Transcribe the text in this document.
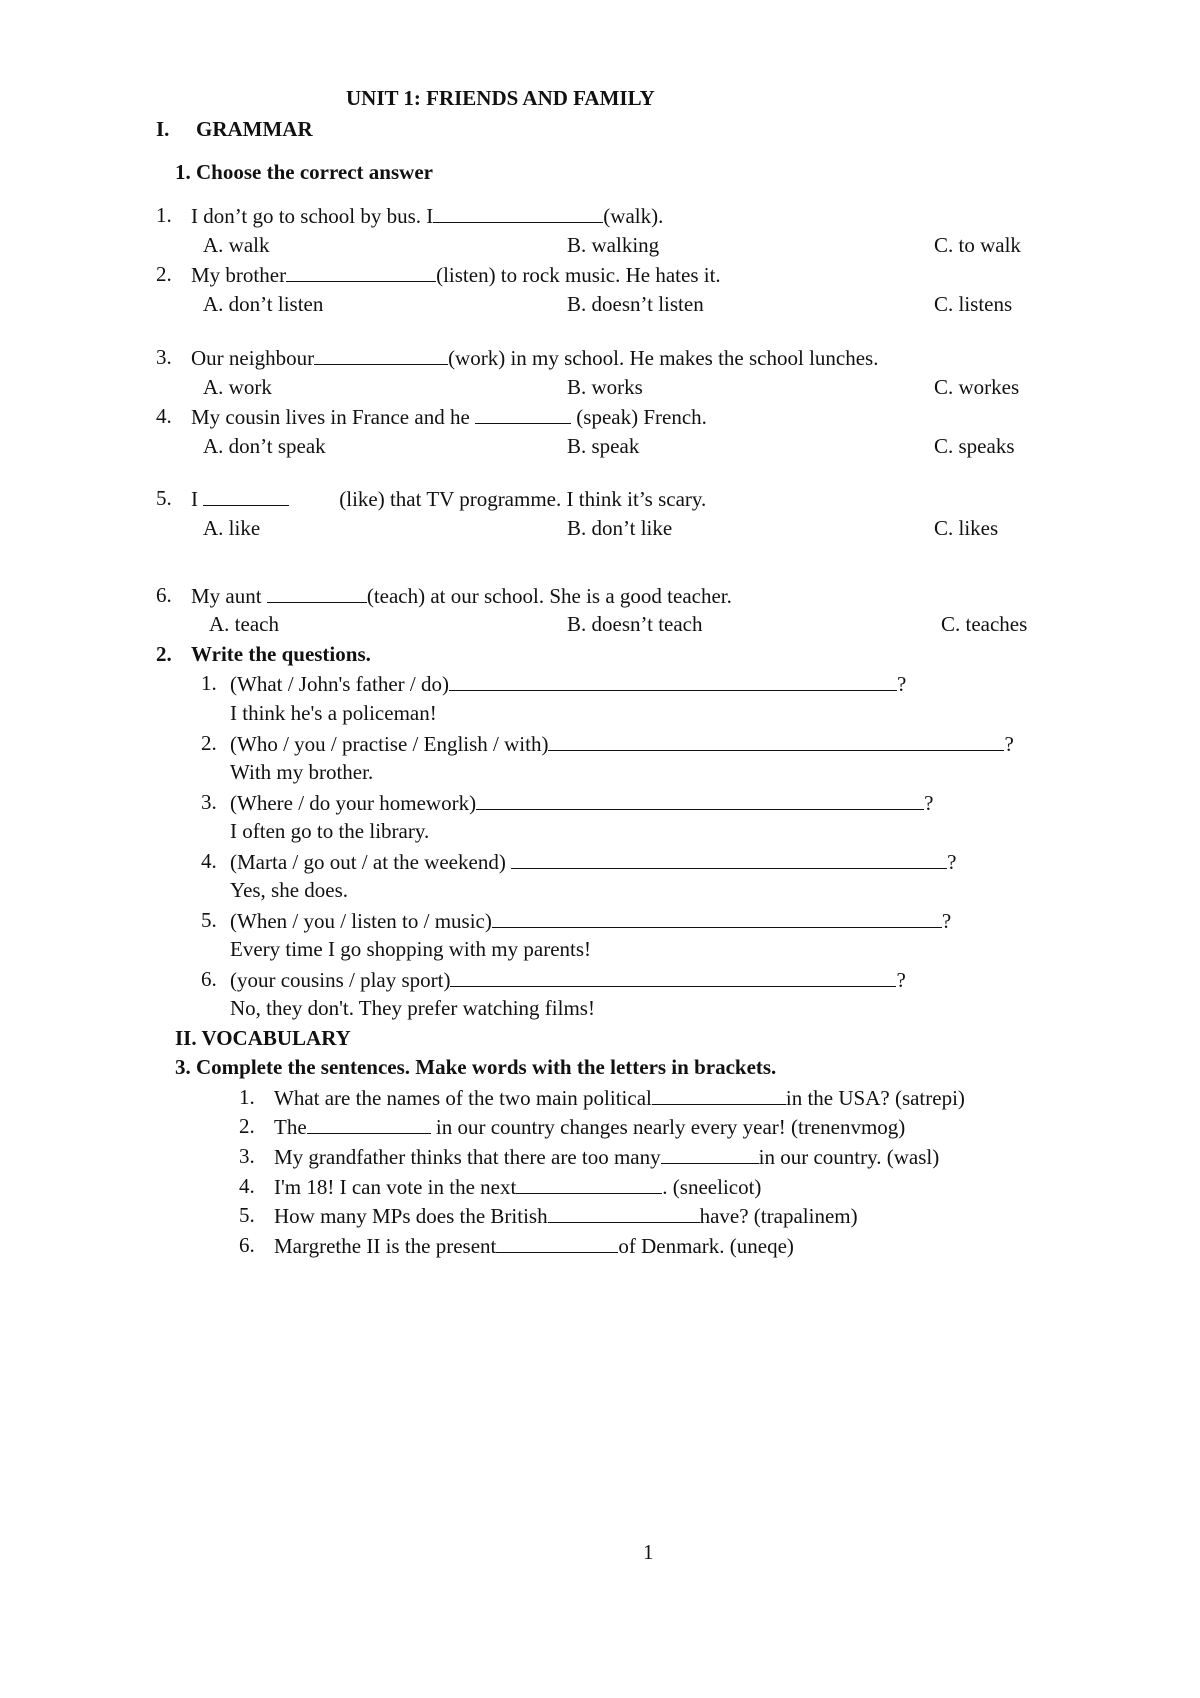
UNIT 1: FRIENDS AND FAMILY
I. GRAMMAR
1. Choose the correct answer
1. I don’t go to school by bus. I	(walk).
A. walk	B. walking	C. to walk
2. My brother	(listen) to rock music. He hates it.
A. don’t listen	B. doesn’t listen	C. listens
3. Our neighbour	(work) in my school. He makes the school lunches.
A. work	B. works	C. workes
4. My cousin lives in France and he	(speak) French.
A. don’t speak	B. speak	C. speaks
5. I	(like) that TV programme. I think it’s scary.
A. like	B. don’t like	C. likes
6. My aunt	(teach) at our school. She is a good teacher.
A. teach	B. doesn’t teach	C. teaches
2. Write the questions.
1. (What / John's father / do)	?
I think he's a policeman!
2. (Who / you / practise / English / with)	?
With my brother.
3. (Where / do your homework)	?
I often go to the library.
4. (Marta / go out / at the weekend)	?
Yes, she does.
5. (When / you / listen to / music)	?
Every time I go shopping with my parents!
6. (your cousins / play sport)	?
No, they don't. They prefer watching films!
II. VOCABULARY
3. Complete the sentences. Make words with the letters in brackets.
1. What are the names of the two main political	in the USA? (satrepi)
2. The	in our country changes nearly every year! (trenenvmog)
3. My grandfather thinks that there are too many	in our country. (wasl)
4. I'm 18! I can vote in the next	. (sneelicot)
5. How many MPs does the British	have? (trapalinem)
6. Margrethe II is the present	of Denmark. (uneqe)
1
